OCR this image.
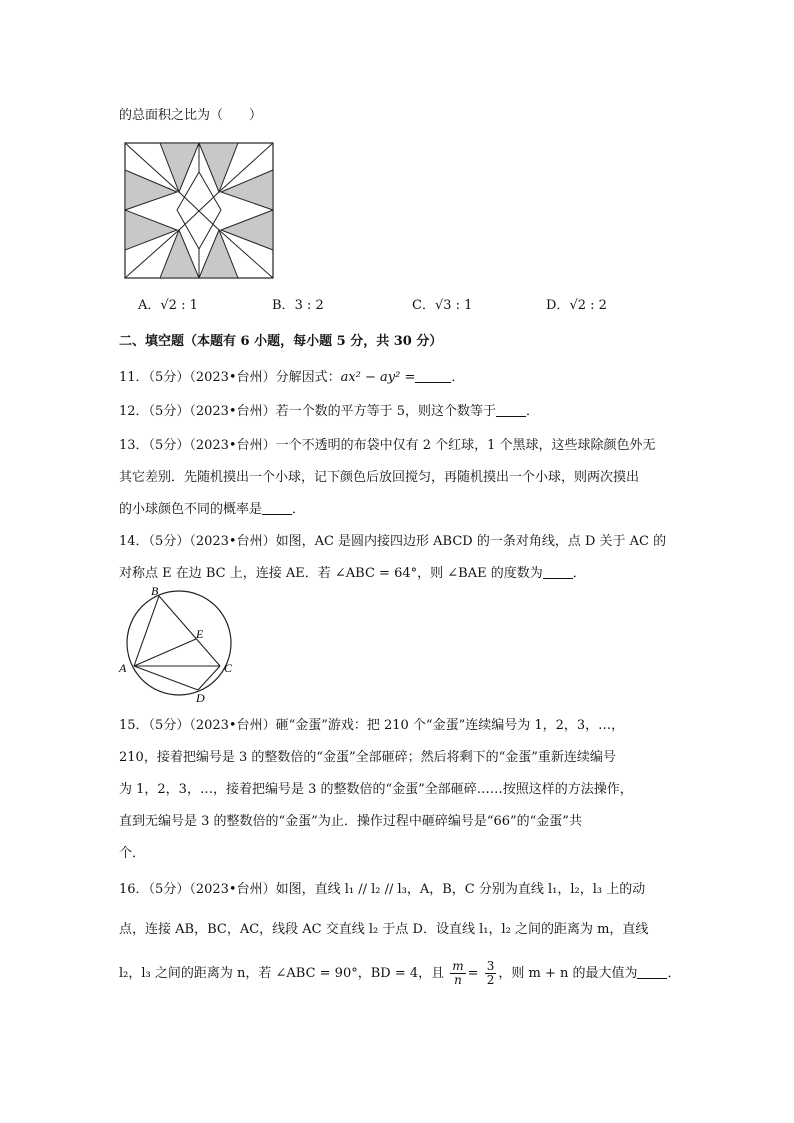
的总面积之比为（　　）
A．√2 : 1	B．3 : 2	C．√3 : 1	D．√2 : 2
二、填空题（本题有 6 小题，每小题 5 分，共 30 分）
11．（5分）（2023•台州）分解因式：ax² − ay² =	．
12．（5分）（2023•台州）若一个数的平方等于 5，则这个数等于 ．
13．（5分）（2023•台州）一个不透明的布袋中仅有 2 个红球，1 个黑球，这些球除颜色外无
其它差别．先随机摸出一个小球，记下颜色后放回搅匀，再随机摸出一个小球，则两次摸出
的小球颜色不同的概率是 ．
14．（5分）（2023•台州）如图，AC 是圆内接四边形 ABCD 的一条对角线，点 D 关于 AC 的
对称点 E 在边 BC 上，连接 AE．若 ∠ABC = 64°，则 ∠BAE 的度数为 ．
B
E
A	C
D
15．（5分）（2023•台州）砸“金蛋”游戏：把 210 个“金蛋”连续编号为 1，2，3，…，
210，接着把编号是 3 的整数倍的“金蛋”全部砸碎；然后将剩下的“金蛋”重新连续编号
为 1，2，3，…，接着把编号是 3 的整数倍的“金蛋”全部砸碎……按照这样的方法操作，
直到无编号是 3 的整数倍的“金蛋”为止．操作过程中砸碎编号是“66”的“金蛋”共
个．
16．（5分）（2023•台州）如图，直线 l₁ // l₂ // l₃，A，B，C 分别为直线 l₁，l₂，l₃ 上的动
点，连接 AB，BC，AC，线段 AC 交直线 l₂ 于点 D．设直线 l₁，l₂ 之间的距离为 m，直线
l₂，l₃ 之间的距离为 n，若 ∠ABC = 90°，BD = 4，且 $\frac{m}{n} = \frac{3}{2}$ ，则 m + n 的最大值为 ．
